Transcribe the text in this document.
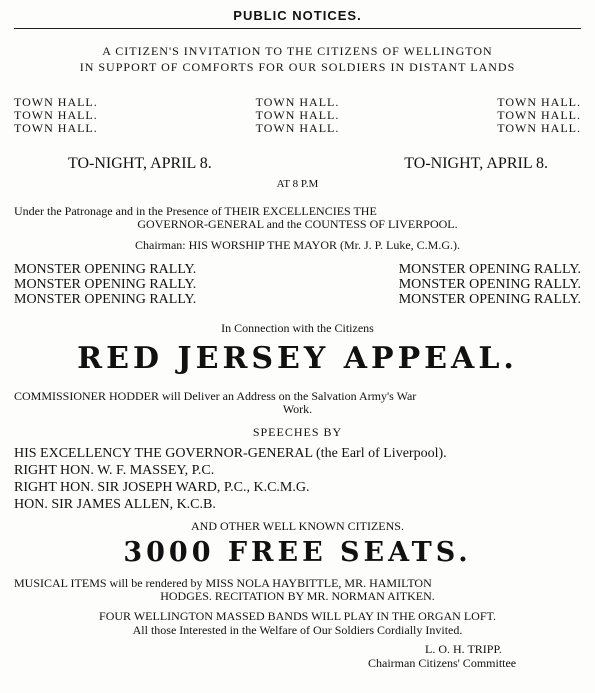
PUBLIC NOTICES.
A CITIZEN'S INVITATION TO THE CITIZENS OF WELLINGTON
IN SUPPORT OF COMFORTS FOR OUR SOLDIERS IN DISTANT LANDS
TOWN HALL.
TOWN HALL.
TOWN HALL.
TOWN HALL.
TOWN HALL.
TOWN HALL.
TOWN HALL.
TOWN HALL.
TOWN HALL.
TO-NIGHT, APRIL 8.	TO-NIGHT, APRIL 8.
AT 8 P.M
Under the Patronage and in the Presence of THEIR EXCELLENCIES THE
GOVERNOR-GENERAL and the COUNTESS OF LIVERPOOL.
Chairman: HIS WORSHIP THE MAYOR (Mr. J. P. Luke, C.M.G.).
MONSTER OPENING RALLY.
MONSTER OPENING RALLY.
MONSTER OPENING RALLY.
MONSTER OPENING RALLY.
MONSTER OPENING RALLY.
MONSTER OPENING RALLY.
In Connection with the Citizens
RED JERSEY APPEAL.
COMMISSIONER HODDER will Deliver an Address on the Salvation Army's War
Work.
SPEECHES BY
HIS EXCELLENCY THE GOVERNOR-GENERAL (the Earl of Liverpool).
RIGHT HON. W. F. MASSEY, P.C.
RIGHT HON. SIR JOSEPH WARD, P.C., K.C.M.G.
HON. SIR JAMES ALLEN, K.C.B.
AND OTHER WELL KNOWN CITIZENS.
3000 FREE SEATS.
MUSICAL ITEMS will be rendered by MISS NOLA HAYBITTLE, MR. HAMILTON
HODGES. RECITATION BY MR. NORMAN AITKEN.
FOUR WELLINGTON MASSED BANDS WILL PLAY IN THE ORGAN LOFT.
All those Interested in the Welfare of Our Soldiers Cordially Invited.
L. O. H. TRIPP.
Chairman Citizens' Committee
